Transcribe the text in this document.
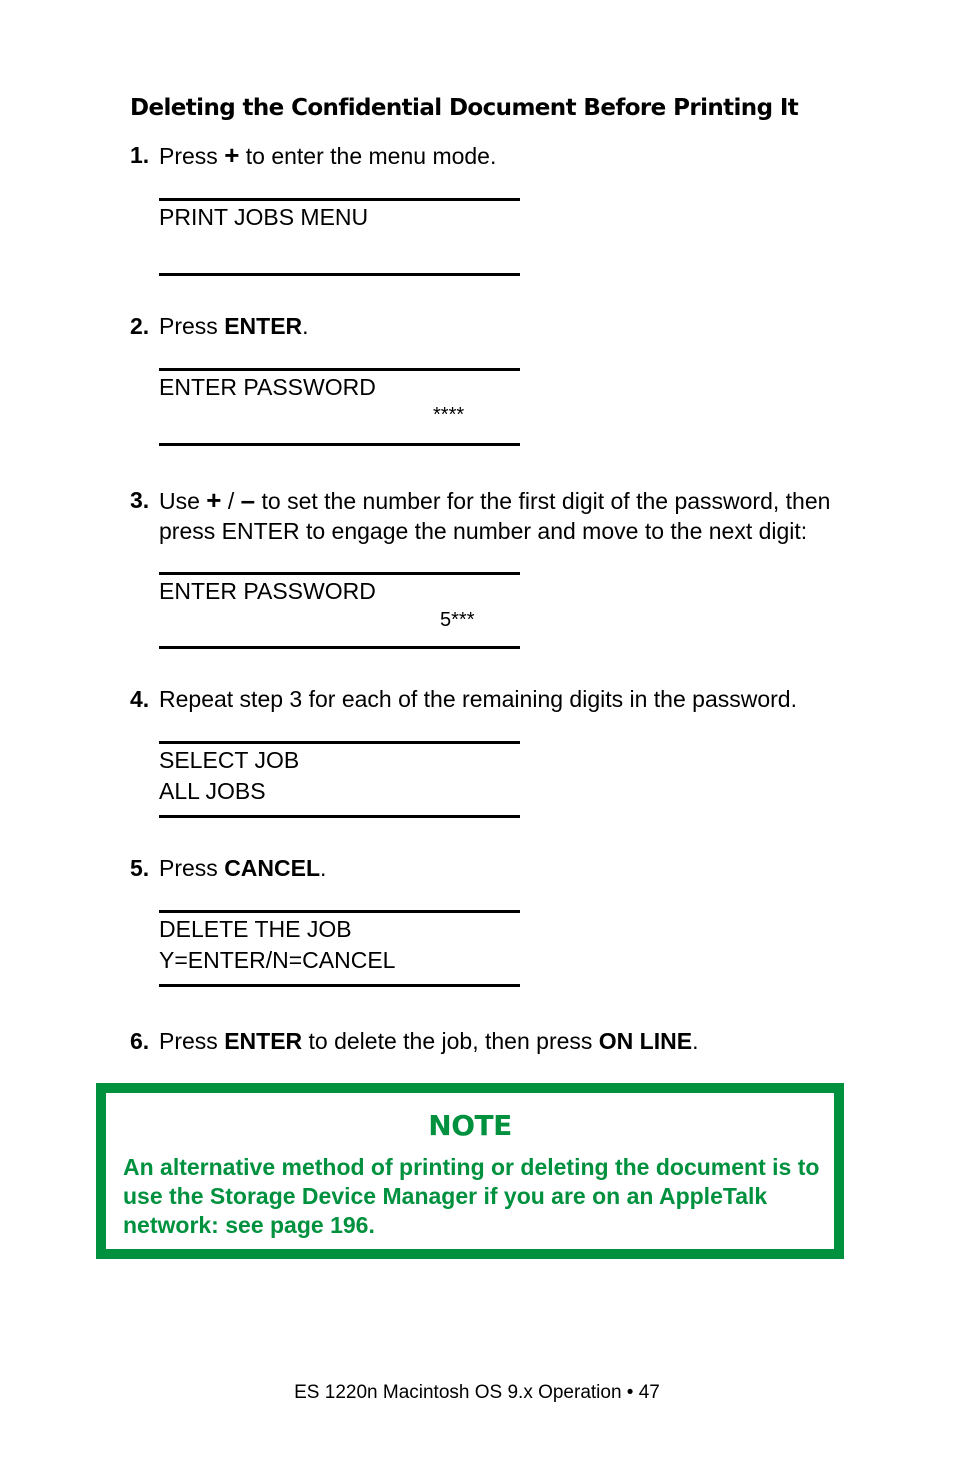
Deleting the Confidential Document Before Printing It
1. Press + to enter the menu mode.
PRINT JOBS MENU
2. Press ENTER.
ENTER PASSWORD
****
3. Use + / – to set the number for the first digit of the password, then press ENTER to engage the number and move to the next digit:
ENTER PASSWORD
5***
4. Repeat step 3 for each of the remaining digits in the password.
SELECT JOB
ALL JOBS
5. Press CANCEL.
DELETE THE JOB
Y=ENTER/N=CANCEL
6. Press ENTER to delete the job, then press ON LINE.
NOTE
An alternative method of printing or deleting the document is to use the Storage Device Manager if you are on an AppleTalk network: see page 196.
ES 1220n Macintosh OS 9.x Operation • 47
